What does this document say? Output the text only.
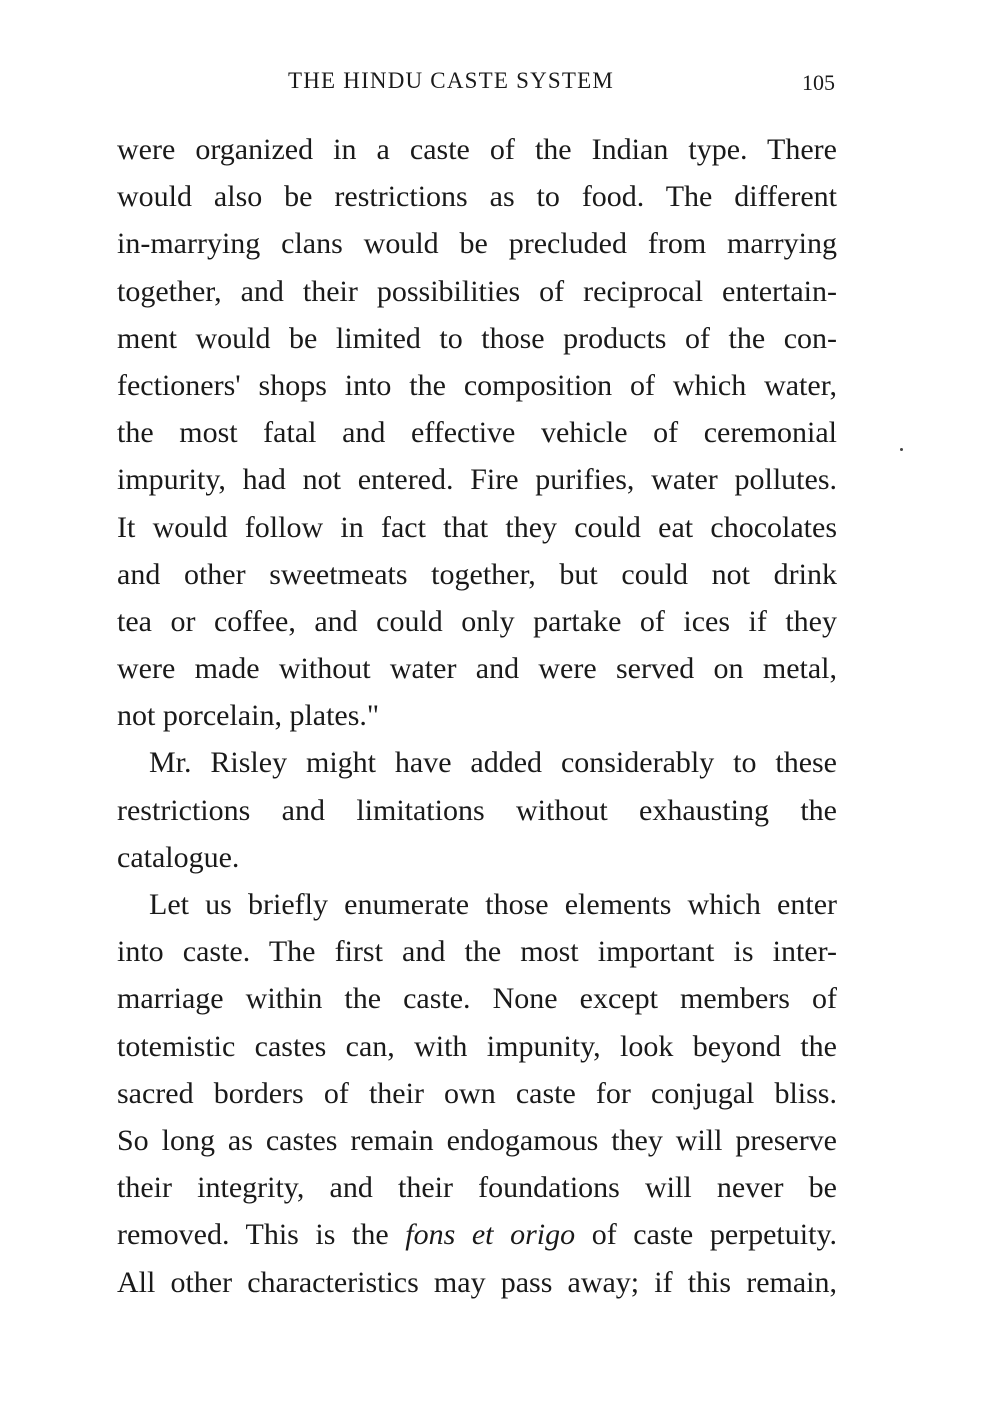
THE HINDU CASTE SYSTEM	105
were organized in a caste of the Indian type. There
would also be restrictions as to food. The different
in-marrying clans would be precluded from marrying
together, and their possibilities of reciprocal entertain-
ment would be limited to those products of the con-
fectioners' shops into the composition of which water,
the most fatal and effective vehicle of ceremonial
impurity, had not entered. Fire purifies, water pollutes.
It would follow in fact that they could eat chocolates
and other sweetmeats together, but could not drink
tea or coffee, and could only partake of ices if they
were made without water and were served on metal,
not porcelain, plates."
Mr. Risley might have added considerably to these
restrictions and limitations without exhausting the
catalogue.
Let us briefly enumerate those elements which enter
into caste. The first and the most important is inter-
marriage within the caste. None except members of
totemistic castes can, with impunity, look beyond the
sacred borders of their own caste for conjugal bliss.
So long as castes remain endogamous they will preserve
their integrity, and their foundations will never be
removed. This is the fons et origo of caste perpetuity.
All other characteristics may pass away; if this remain,
